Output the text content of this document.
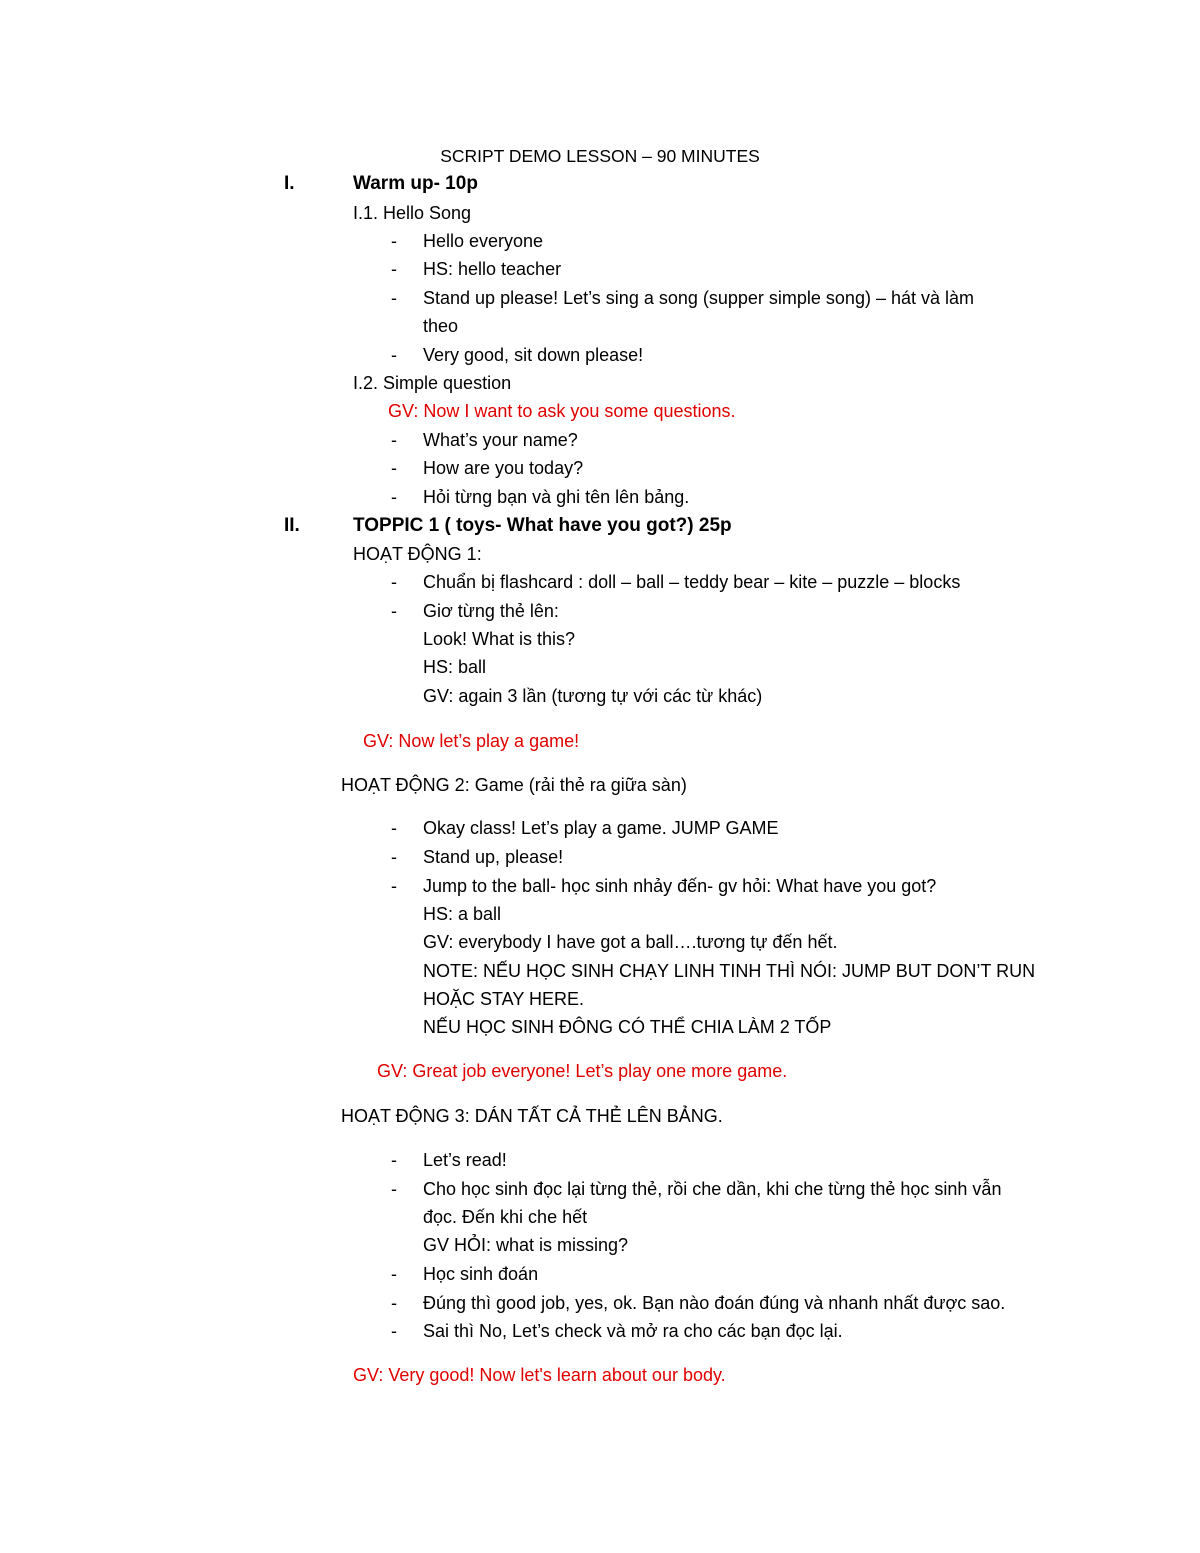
SCRIPT DEMO LESSON – 90 MINUTES
I.	Warm up- 10p
I.1. Hello Song
- Hello everyone
- HS: hello teacher
- Stand up please! Let’s sing a song (supper simple song) – hát và làm
theo
- Very good, sit down please!
I.2. Simple question
GV: Now I want to ask you some questions.
- What’s your name?
- How are you today?
- Hỏi từng bạn và ghi tên lên bảng.
II.	TOPPIC 1 ( toys- What have you got?) 25p
HOẠT ĐỘNG 1:
- Chuẩn bị flashcard : doll – ball – teddy bear – kite – puzzle – blocks
- Giơ từng thẻ lên:
Look! What is this?
HS: ball
GV: again 3 lần (tương tự với các từ khác)
GV: Now let’s play a game!
HOẠT ĐỘNG 2: Game (rải thẻ ra giữa sàn)
- Okay class! Let’s play a game. JUMP GAME
- Stand up, please!
- Jump to the ball- học sinh nhảy đến- gv hỏi: What have you got?
HS: a ball
GV: everybody I have got a ball….tương tự đến hết.
NOTE: NẾU HỌC SINH CHẠY LINH TINH THÌ NÓI: JUMP BUT DON’T RUN
HOẶC STAY HERE.
NẾU HỌC SINH ĐÔNG CÓ THỂ CHIA LÀM 2 TỐP
GV: Great job everyone! Let’s play one more game.
HOẠT ĐỘNG 3: DÁN TẤT CẢ THẺ LÊN BẢNG.
- Let’s read!
- Cho học sinh đọc lại từng thẻ, rồi che dần, khi che từng thẻ học sinh vẫn
đọc. Đến khi che hết
GV HỎI: what is missing?
- Học sinh đoán
- Đúng thì good job, yes, ok. Bạn nào đoán đúng và nhanh nhất được sao.
- Sai thì No, Let’s check và mở ra cho các bạn đọc lại.
GV: Very good! Now let's learn about our body.
